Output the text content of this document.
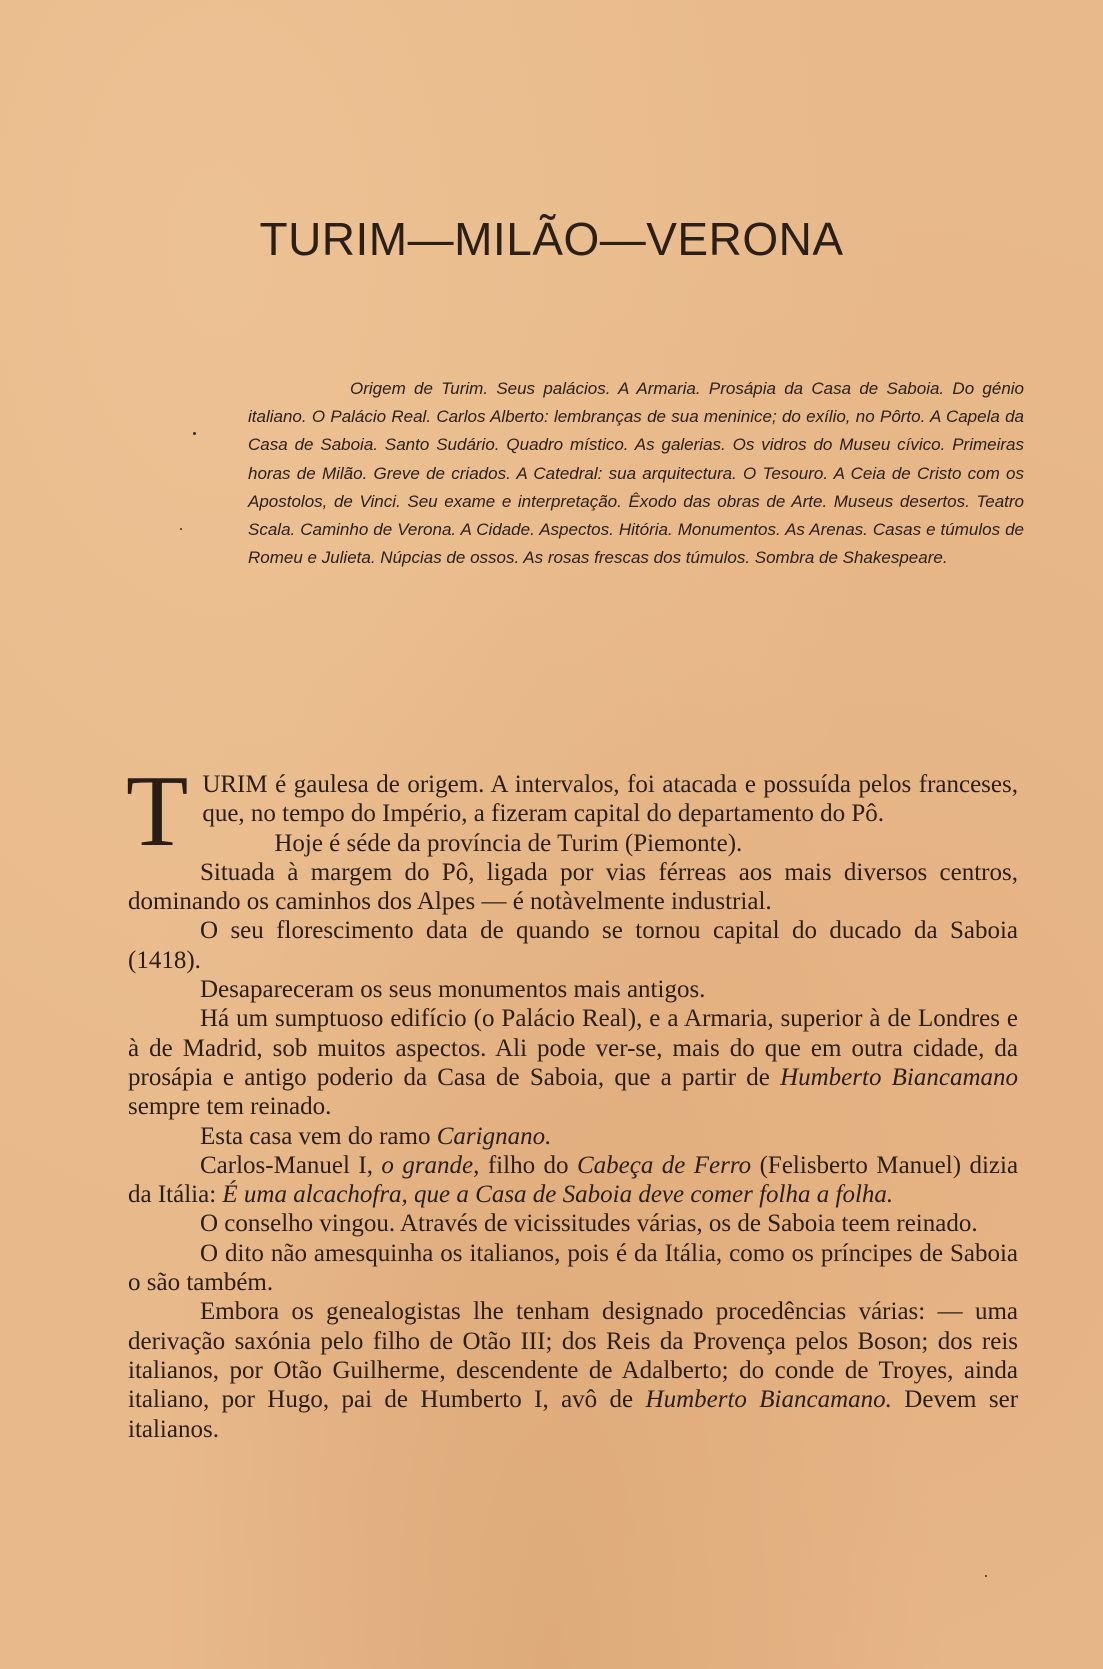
TURIM—MILÃO—VERONA

Origem de Turim. Seus palácios. A Armaria. Prosápia da Casa de Saboia. Do génio italiano. O Palácio Real. Carlos Alberto: lembranças de sua meninice; do exílio, no Pôrto. A Capela da Casa de Saboia. Santo Sudário. Quadro místico. As galerias. Os vidros do Museu cívico. Primeiras horas de Milão. Greve de criados. A Catedral: sua arquitectura. O Tesouro. A Ceia de Cristo com os Apostolos, de Vinci. Seu exame e interpretação. Êxodo das obras de Arte. Museus desertos. Teatro Scala. Caminho de Verona. A Cidade. Aspectos. Hitória. Monumentos. As Arenas. Casas e túmulos de Romeu e Julieta. Núpcias de ossos. As rosas frescas dos túmulos. Sombra de Shakespeare.

TURIM é gaulesa de origem. A intervalos, foi atacada e possuída pelos franceses, que, no tempo do Império, a fizeram capital do departamento do Pô.

Hoje é séde da província de Turim (Piemonte).

Situada à margem do Pô, ligada por vias férreas aos mais diversos centros, dominando os caminhos dos Alpes — é notàvelmente industrial.

O seu florescimento data de quando se tornou capital do ducado da Saboia (1418).

Desapareceram os seus monumentos mais antigos.

Há um sumptuoso edifício (o Palácio Real), e a Armaria, superior à de Londres e à de Madrid, sob muitos aspectos. Ali pode ver-se, mais do que em outra cidade, da prosápia e antigo poderio da Casa de Saboia, que a partir de Humberto Biancamano sempre tem reinado.

Esta casa vem do ramo Carignano.

Carlos-Manuel I, o grande, filho do Cabeça de Ferro (Felisberto Manuel) dizia da Itália: É uma alcachofra, que a Casa de Saboia deve comer folha a folha.

O conselho vingou. Através de vicissitudes várias, os de Saboia teem reinado.

O dito não amesquinha os italianos, pois é da Itália, como os príncipes de Saboia o são também.

Embora os genealogistas lhe tenham designado procedências várias: — uma derivação saxónia pelo filho de Otão III; dos Reis da Provença pelos Boson; dos reis italianos, por Otão Guilherme, descendente de Adalberto; do conde de Troyes, ainda italiano, por Hugo, pai de Humberto I, avô de Humberto Biancamano. Devem ser italianos.
